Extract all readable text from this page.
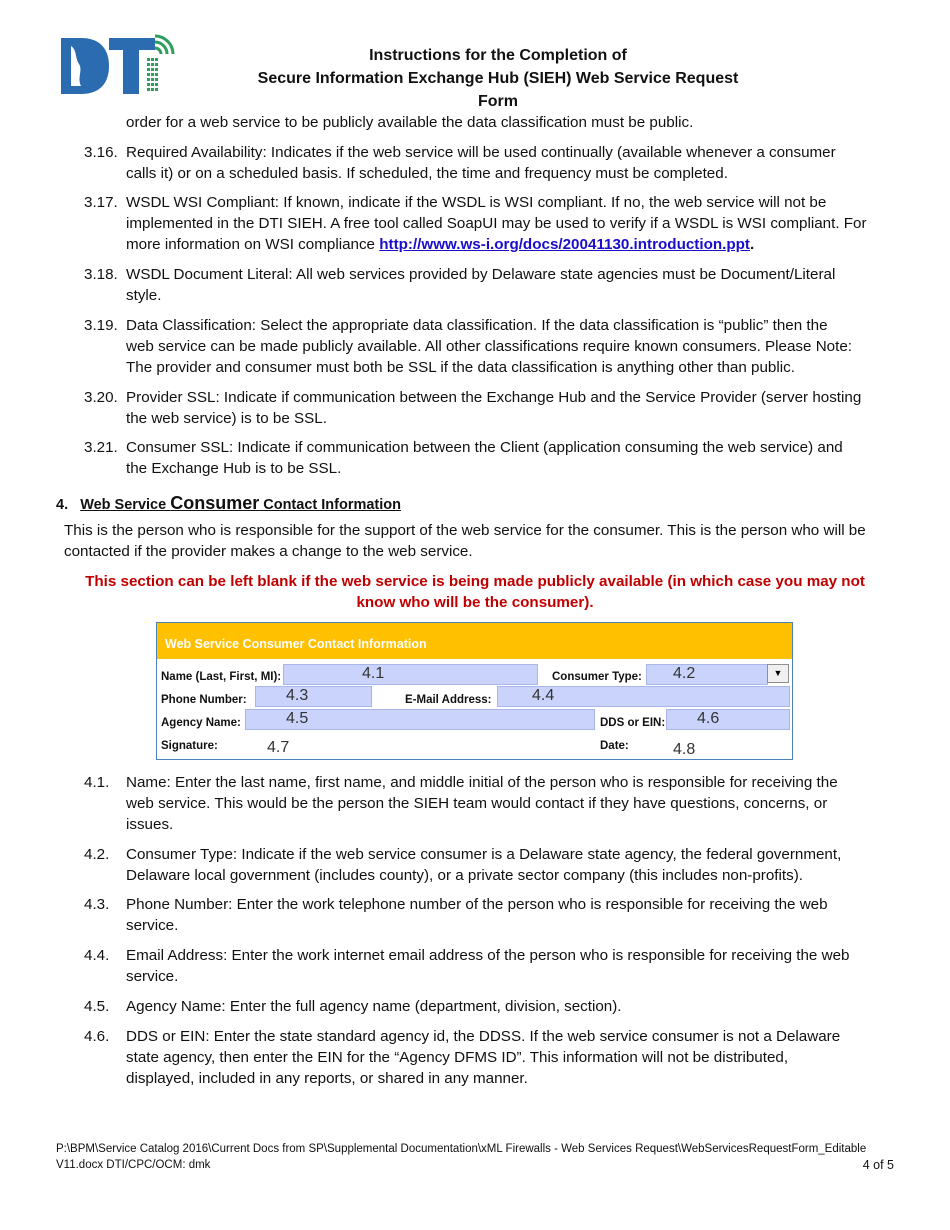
Instructions for the Completion of
Secure Information Exchange Hub (SIEH) Web Service Request Form
order for a web service to be publicly available the data classification must be public.
3.16. Required Availability: Indicates if the web service will be used continually (available whenever a consumer
calls it) or on a scheduled basis. If scheduled, the time and frequency must be completed.
3.17. WSDL WSI Compliant: If known, indicate if the WSDL is WSI compliant. If no, the web service will not be
implemented in the DTI SIEH. A free tool called SoapUI may be used to verify if a WSDL is WSI compliant. For
more information on WSI compliance http://www.ws-i.org/docs/20041130.introduction.ppt.
3.18. WSDL Document Literal: All web services provided by Delaware state agencies must be Document/Literal
style.
3.19. Data Classification: Select the appropriate data classification. If the data classification is “public” then the
web service can be made publicly available. All other classifications require known consumers. Please Note:
The provider and consumer must both be SSL if the data classification is anything other than public.
3.20. Provider SSL: Indicate if communication between the Exchange Hub and the Service Provider (server hosting
the web service) is to be SSL.
3.21. Consumer SSL: Indicate if communication between the Client (application consuming the web service) and
the Exchange Hub is to be SSL.
4. Web Service Consumer Contact Information
This is the person who is responsible for the support of the web service for the consumer. This is the person who will be
contacted if the provider makes a change to the web service.
This section can be left blank if the web service is being made publicly available (in which case you may not
know who will be the consumer).
Web Service Consumer Contact Information
Name (Last, First, MI):	4.1	Consumer Type: 4.2	▼
Phone Number: 4.3	E-Mail Address:	4.4
Agency Name:	4.5	DDS or EIN: 4.6
Signature:	4.7	Date:	4.8
4.1. Name: Enter the last name, first name, and middle initial of the person who is responsible for receiving the
web service. This would be the person the SIEH team would contact if they have questions, concerns, or
issues.
4.2. Consumer Type: Indicate if the web service consumer is a Delaware state agency, the federal government,
Delaware local government (includes county), or a private sector company (this includes non-profits).
4.3. Phone Number: Enter the work telephone number of the person who is responsible for receiving the web
service.
4.4. Email Address: Enter the work internet email address of the person who is responsible for receiving the web
service.
4.5. Agency Name: Enter the full agency name (department, division, section).
4.6. DDS or EIN: Enter the state standard agency id, the DDSS. If the web service consumer is not a Delaware
state agency, then enter the EIN for the “Agency DFMS ID”. This information will not be distributed,
displayed, included in any reports, or shared in any manner.
P:\BPM\Service Catalog 2016\Current Docs from SP\Supplemental Documentation\xML Firewalls - Web Services Request\WebServicesRequestForm_Editable
V11.docx DTI/CPC/OCM: dmk	4 of 5
